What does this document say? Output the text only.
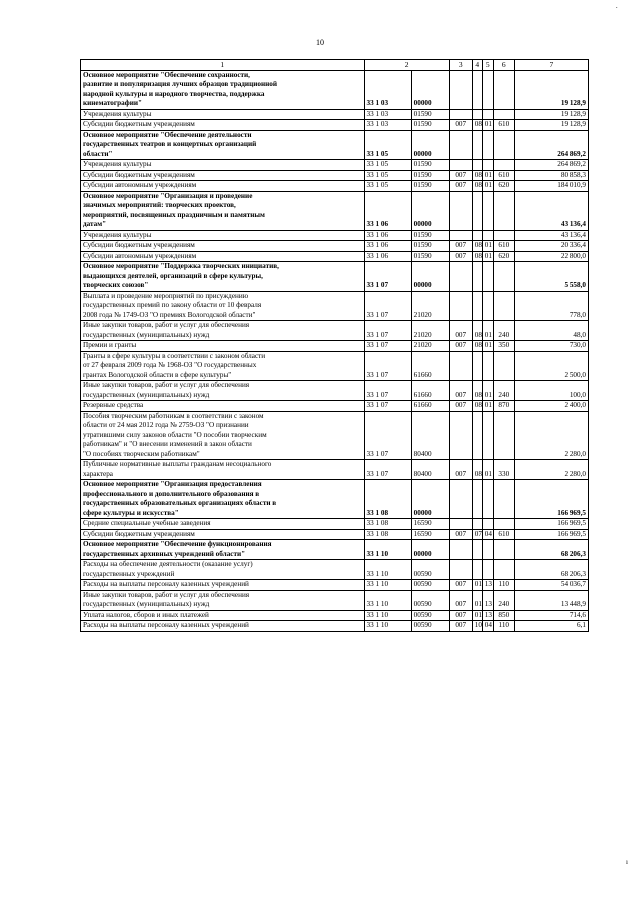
10
·
1	2		3	4	5	6	7
Основное мероприятие "Обеспечение сохранности,
развитие и популяризация лучших образцов традиционной
народной культуры и народного творчества, поддержка
кинематографии"	33 1 03	00000					19 128,9
Учреждения культуры	33 1 03	01590					19 128,9
Субсидии бюджетным учреждениям	33 1 03	01590	007	08	01	610	19 128,9
Основное мероприятие "Обеспечение деятельности
государственных театров и концертных организаций
области"	33 1 05	00000					264 869,2
Учреждения культуры	33 1 05	01590					264 869,2
Субсидии бюджетным учреждениям	33 1 05	01590	007	08	01	610	80 858,3
Субсидии автономным учреждениям	33 1 05	01590	007	08	01	620	184 010,9
Основное мероприятие "Организация и проведение
значимых мероприятий: творческих проектов,
мероприятий, посвященных праздничным и памятным
датам"	33 1 06	00000					43 136,4
Учреждения культуры	33 1 06	01590					43 136,4
Субсидии бюджетным учреждениям	33 1 06	01590	007	08	01	610	20 336,4
Субсидии автономным учреждениям	33 1 06	01590	007	08	01	620	22 800,0
Основное мероприятие "Поддержка творческих инициатив,
выдающихся деятелей, организаций в сфере культуры,
творческих союзов"	33 1 07	00000					5 558,0
Выплата и проведение мероприятий по присуждению
государственных премий по закону области от 10 февраля
2008 года № 1749-ОЗ "О премиях Вологодской области"	33 1 07	21020					778,0
Иные закупки товаров, работ и услуг для обеспечения
государственных (муниципальных) нужд	33 1 07	21020	007	08	01	240	48,0
Премии и гранты	33 1 07	21020	007	08	01	350	730,0
Гранты в сфере культуры в соответствии с законом области
от 27 февраля 2009 года № 1968-ОЗ "О государственных
грантах Вологодской области в сфере культуры"	33 1 07	61660					2 500,0
Иные закупки товаров, работ и услуг для обеспечения
государственных (муниципальных) нужд	33 1 07	61660	007	08	01	240	100,0
Резервные средства	33 1 07	61660	007	08	01	870	2 400,0
Пособия творческим работникам в соответствии с законом
области от 24 мая 2012 года № 2759-ОЗ "О признании
утратившими силу законов области "О пособии творческим
работникам" и "О внесении изменений в закон области
"О пособиях творческим работникам"	33 1 07	80400					2 280,0
Публичные нормативные выплаты гражданам несоциального
характера	33 1 07	80400	007	08	01	330	2 280,0
Основное мероприятие "Организация предоставления
профессионального и дополнительного образования в
государственных образовательных организациях области в
сфере культуры и искусства"	33 1 08	00000					166 969,5
Средние специальные учебные заведения	33 1 08	16590					166 969,5
Субсидии бюджетным учреждениям	33 1 08	16590	007	07	04	610	166 969,5
Основное мероприятие "Обеспечение функционирования
государственных архивных учреждений области"	33 1 10	00000					68 206,3
Расходы на обеспечение деятельности (оказание услуг)
государственных учреждений	33 1 10	00590					68 206,3
Расходы на выплаты персоналу казенных учреждений	33 1 10	00590	007	01	13	110	54 036,7
Иные закупки товаров, работ и услуг для обеспечения
государственных (муниципальных) нужд	33 1 10	00590	007	01	13	240	13 448,9
Уплата налогов, сборов и иных платежей	33 1 10	00590	007	01	13	850	714,6
Расходы на выплаты персоналу казенных учреждений	33 1 10	00590	007	10	04	110	6,1
ı
